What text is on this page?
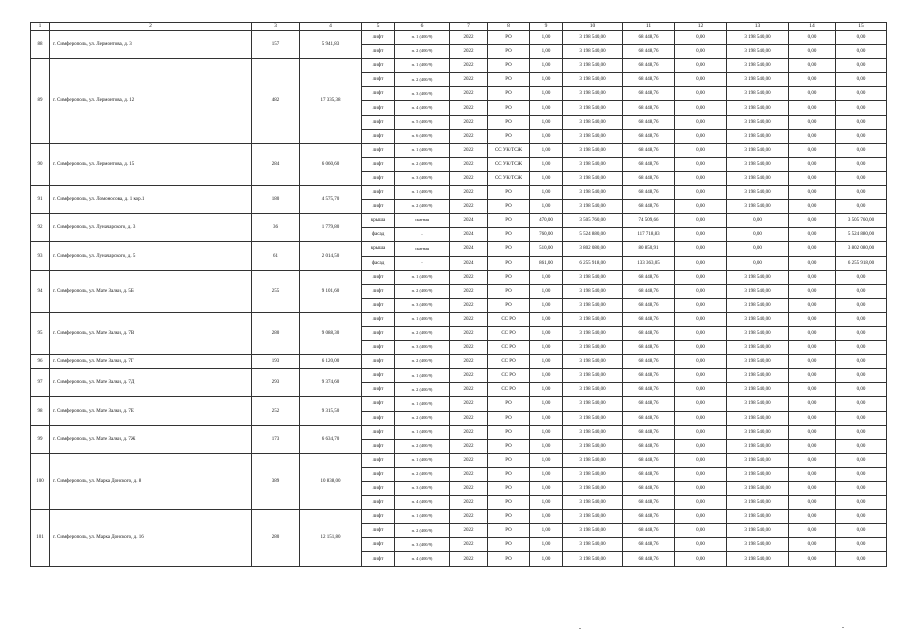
1	2	3	4	5	6	7	8	9	10	11	12	13	14	15
88	г. Симферополь, ул. Лермонтова, д. 3	157	5 941,83	лифт	п. 1 (400/9)	2022	РО	1,00	3 198 540,00	68 448,76	0,00	3 198 540,00	0,00	0,00
				лифт	п. 2 (400/9)	2022	РО	1,00	3 198 540,00	68 448,76	0,00	3 198 540,00	0,00	0,00
89	г. Симферополь, ул. Лермонтова, д. 12	482	17 335,38	лифт	п. 1 (400/9)	2022	РО	1,00	3 198 540,00	68 448,76	0,00	3 198 540,00	0,00	0,00
				лифт	п. 2 (400/9)	2022	РО	1,00	3 198 540,00	68 448,76	0,00	3 198 540,00	0,00	0,00
				лифт	п. 3 (400/9)	2022	РО	1,00	3 198 540,00	68 448,76	0,00	3 198 540,00	0,00	0,00
				лифт	п. 4 (400/9)	2022	РО	1,00	3 198 540,00	68 448,76	0,00	3 198 540,00	0,00	0,00
				лифт	п. 5 (400/9)	2022	РО	1,00	3 198 540,00	68 448,76	0,00	3 198 540,00	0,00	0,00
				лифт	п. 6 (400/9)	2022	РО	1,00	3 198 540,00	68 448,76	0,00	3 198 540,00	0,00	0,00
90	г. Симферополь, ул. Лермонтова, д. 15	284	6 060,60	лифт	п. 1 (400/9)	2022	СС УК/ТСЖ	1,00	3 198 540,00	68 448,76	0,00	3 198 540,00	0,00	0,00
				лифт	п. 2 (400/9)	2022	СС УК/ТСЖ	1,00	3 198 540,00	68 448,76	0,00	3 198 540,00	0,00	0,00
				лифт	п. 3 (400/9)	2022	СС УК/ТСЖ	1,00	3 198 540,00	68 448,76	0,00	3 198 540,00	0,00	0,00
91	г. Симферополь, ул. Ломоносова, д. 1 кор.1	180	4 575,70	лифт	п. 1 (400/9)	2022	РО	1,00	3 198 540,00	68 448,76	0,00	3 198 540,00	0,00	0,00
				лифт	п. 2 (400/9)	2022	РО	1,00	3 198 540,00	68 448,76	0,00	3 198 540,00	0,00	0,00
92	г. Симферополь, ул. Луначарского, д. 3	36	1 779,80	крыша	скатная	2024	РО	470,00	3 505 760,00	74 509,66	0,00	0,00	0,00	3 505 760,00
				фасад	-	2024	РО	760,00	5 524 880,00	117 718,83	0,00	0,00	0,00	5 524 880,00
93	г. Симферополь, ул. Луначарского, д. 5	61	2 014,50	крыша	скатная	2024	РО	510,00	3 802 080,00	80 850,91	0,00	0,00	0,00	3 802 080,00
				фасад	-	2024	РО	861,00	6 255 918,00	133 363,05	0,00	0,00	0,00	6 255 918,00
94	г. Симферополь, ул. Мате Залки, д. 5Б	255	9 101,60	лифт	п. 1 (400/9)	2022	РО	1,00	3 198 540,00	68 448,76	0,00	3 198 540,00	0,00	0,00
				лифт	п. 2 (400/9)	2022	РО	1,00	3 198 540,00	68 448,76	0,00	3 198 540,00	0,00	0,00
				лифт	п. 3 (400/9)	2022	РО	1,00	3 198 540,00	68 448,76	0,00	3 198 540,00	0,00	0,00
95	г. Симферополь, ул. Мате Залки, д. 7В	280	9 088,30	лифт	п. 1 (400/9)	2022	СС РО	1,00	3 198 540,00	68 448,76	0,00	3 198 540,00	0,00	0,00
				лифт	п. 2 (400/9)	2022	СС РО	1,00	3 198 540,00	68 448,76	0,00	3 198 540,00	0,00	0,00
				лифт	п. 3 (400/9)	2022	СС РО	1,00	3 198 540,00	68 448,76	0,00	3 198 540,00	0,00	0,00
96	г. Симферополь, ул. Мате Залки, д. 7Г	193	6 120,00	лифт	п. 2 (400/9)	2022	СС РО	1,00	3 198 540,00	68 448,76	0,00	3 198 540,00	0,00	0,00
97	г. Симферополь, ул. Мате Залки, д. 7Д	293	9 374,60	лифт	п. 1 (400/9)	2022	СС РО	1,00	3 198 540,00	68 448,76	0,00	3 198 540,00	0,00	0,00
				лифт	п. 2 (400/9)	2022	СС РО	1,00	3 198 540,00	68 448,76	0,00	3 198 540,00	0,00	0,00
98	г. Симферополь, ул. Мате Залки, д. 7Е	252	9 315,50	лифт	п. 1 (400/9)	2022	РО	1,00	3 198 540,00	68 448,76	0,00	3 198 540,00	0,00	0,00
				лифт	п. 2 (400/9)	2022	РО	1,00	3 198 540,00	68 448,76	0,00	3 198 540,00	0,00	0,00
99	г. Симферополь, ул. Мате Залки, д. 7Ж	173	6 634,70	лифт	п. 1 (400/9)	2022	РО	1,00	3 198 540,00	68 448,76	0,00	3 198 540,00	0,00	0,00
				лифт	п. 2 (400/9)	2022	РО	1,00	3 198 540,00	68 448,76	0,00	3 198 540,00	0,00	0,00
100	г. Симферополь, ул. Марка Донского, д. 8	389	10 838,00	лифт	п. 1 (400/9)	2022	РО	1,00	3 198 540,00	68 448,76	0,00	3 198 540,00	0,00	0,00
				лифт	п. 2 (400/9)	2022	РО	1,00	3 198 540,00	68 448,76	0,00	3 198 540,00	0,00	0,00
				лифт	п. 3 (400/9)	2022	РО	1,00	3 198 540,00	68 448,76	0,00	3 198 540,00	0,00	0,00
				лифт	п. 4 (400/9)	2022	РО	1,00	3 198 540,00	68 448,76	0,00	3 198 540,00	0,00	0,00
101	г. Симферополь, ул. Марка Донского, д. 16	280	12 151,80	лифт	п. 1 (400/9)	2022	РО	1,00	3 198 540,00	68 448,76	0,00	3 198 540,00	0,00	0,00
				лифт	п. 2 (400/9)	2022	РО	1,00	3 198 540,00	68 448,76	0,00	3 198 540,00	0,00	0,00
				лифт	п. 3 (400/9)	2022	РО	1,00	3 198 540,00	68 448,76	0,00	3 198 540,00	0,00	0,00
				лифт	п. 4 (400/9)	2022	РО	1,00	3 198 540,00	68 448,76	0,00	3 198 540,00	0,00	0,00
